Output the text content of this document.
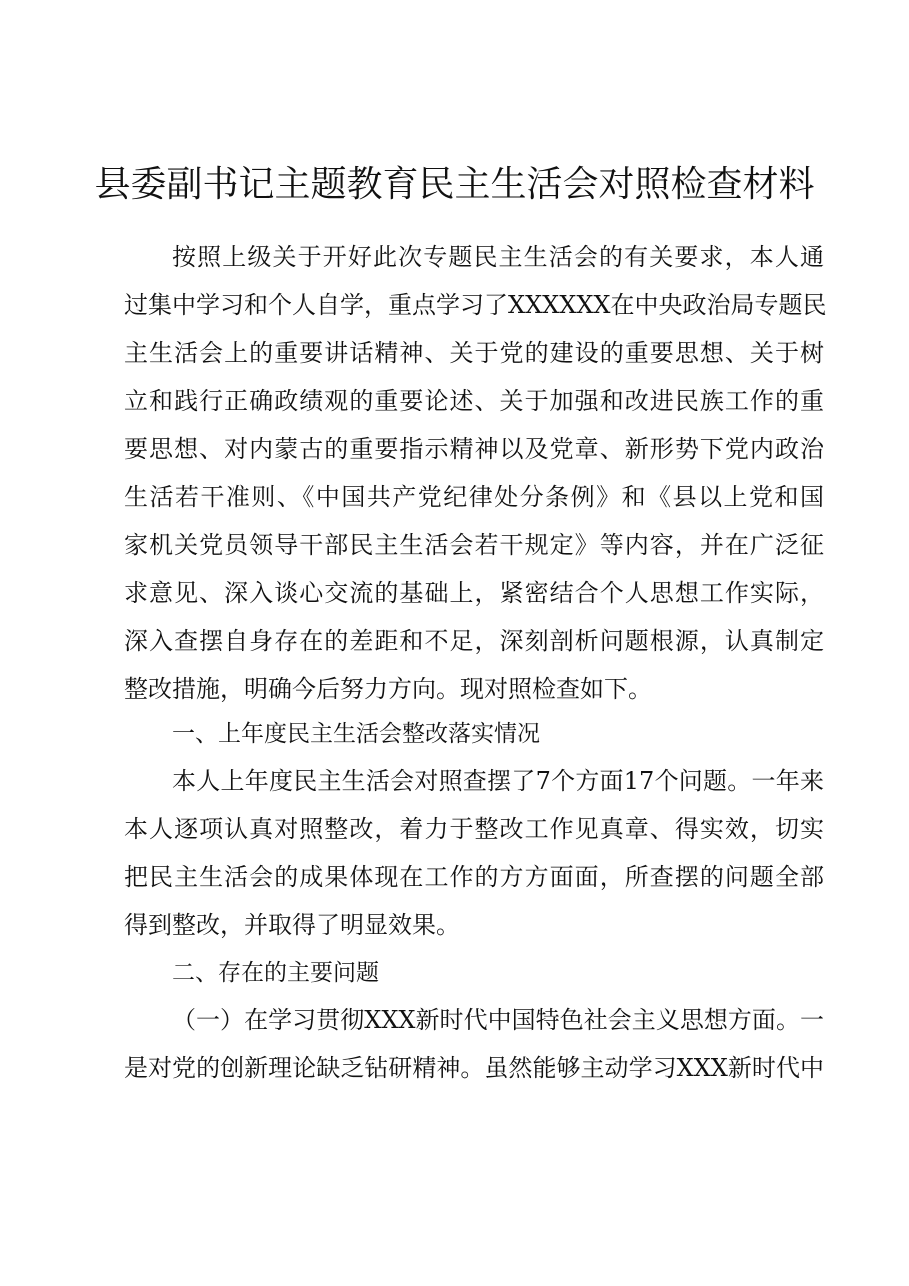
县委副书记主题教育民主生活会对照检查材料
按照上级关于开好此次专题民主生活会的有关要求，本人通
过集中学习和个人自学，重点学习了XXXXXX在中央政治局专题民
主生活会上的重要讲话精神、关于党的建设的重要思想、关于树
立和践行正确政绩观的重要论述、关于加强和改进民族工作的重
要思想、对内蒙古的重要指示精神以及党章、新形势下党内政治
生活若干准则、《中国共产党纪律处分条例》和《县以上党和国
家机关党员领导干部民主生活会若干规定》等内容，并在广泛征
求意见、深入谈心交流的基础上，紧密结合个人思想工作实际，
深入查摆自身存在的差距和不足，深刻剖析问题根源，认真制定
整改措施，明确今后努力方向。现对照检查如下。
一、上年度民主生活会整改落实情况
本人上年度民主生活会对照查摆了7个方面17个问题。一年来
本人逐项认真对照整改，着力于整改工作见真章、得实效，切实
把民主生活会的成果体现在工作的方方面面，所查摆的问题全部
得到整改，并取得了明显效果。
二、存在的主要问题
（一）在学习贯彻XXX新时代中国特色社会主义思想方面。一
是对党的创新理论缺乏钻研精神。虽然能够主动学习XXX新时代中
